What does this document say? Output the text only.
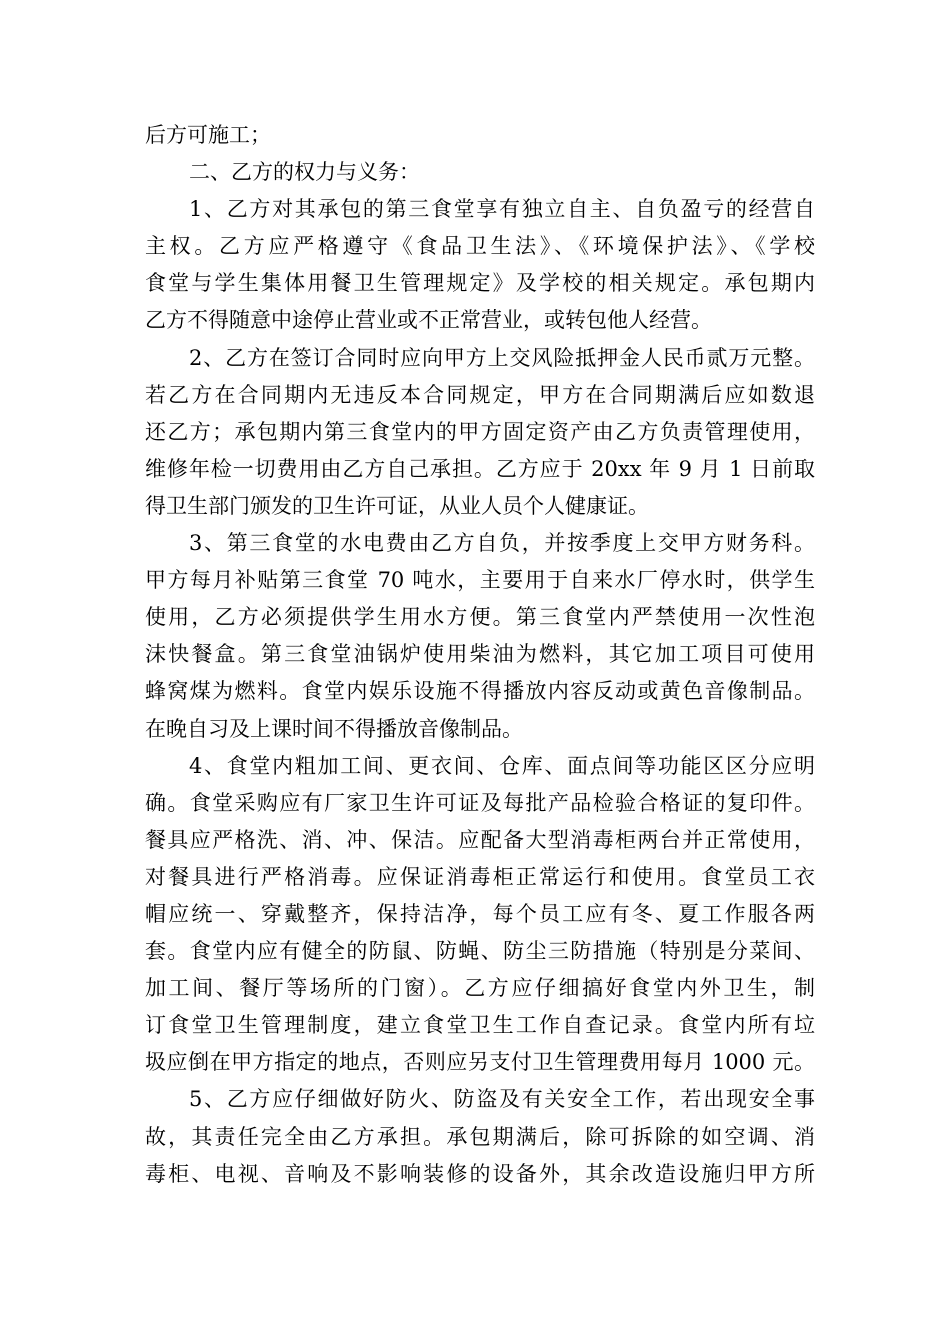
后方可施工；
二、乙方的权力与义务：
1、乙方对其承包的第三食堂享有独立自主、自负盈亏的经营自
主权。乙方应严格遵守《食品卫生法》、《环境保护法》、《学校
食堂与学生集体用餐卫生管理规定》及学校的相关规定。承包期内
乙方不得随意中途停止营业或不正常营业，或转包他人经营。
2、乙方在签订合同时应向甲方上交风险抵押金人民币贰万元整。
若乙方在合同期内无违反本合同规定，甲方在合同期满后应如数退
还乙方；承包期内第三食堂内的甲方固定资产由乙方负责管理使用，
维修年检一切费用由乙方自己承担。乙方应于 20xx 年 9 月 1 日前取
得卫生部门颁发的卫生许可证，从业人员个人健康证。
3、第三食堂的水电费由乙方自负，并按季度上交甲方财务科。
甲方每月补贴第三食堂 70 吨水，主要用于自来水厂停水时，供学生
使用，乙方必须提供学生用水方便。第三食堂内严禁使用一次性泡
沫快餐盒。第三食堂油锅炉使用柴油为燃料，其它加工项目可使用
蜂窝煤为燃料。食堂内娱乐设施不得播放内容反动或黄色音像制品。
在晚自习及上课时间不得播放音像制品。
4、食堂内粗加工间、更衣间、仓库、面点间等功能区区分应明
确。食堂采购应有厂家卫生许可证及每批产品检验合格证的复印件。
餐具应严格洗、消、冲、保洁。应配备大型消毒柜两台并正常使用，
对餐具进行严格消毒。应保证消毒柜正常运行和使用。食堂员工衣
帽应统一、穿戴整齐，保持洁净，每个员工应有冬、夏工作服各两
套。食堂内应有健全的防鼠、防蝇、防尘三防措施（特别是分菜间、
加工间、餐厅等场所的门窗）。乙方应仔细搞好食堂内外卫生，制
订食堂卫生管理制度，建立食堂卫生工作自查记录。食堂内所有垃
圾应倒在甲方指定的地点，否则应另支付卫生管理费用每月 1000 元。
5、乙方应仔细做好防火、防盗及有关安全工作，若出现安全事
故，其责任完全由乙方承担。承包期满后，除可拆除的如空调、消
毒柜、电视、音响及不影响装修的设备外，其余改造设施归甲方所
